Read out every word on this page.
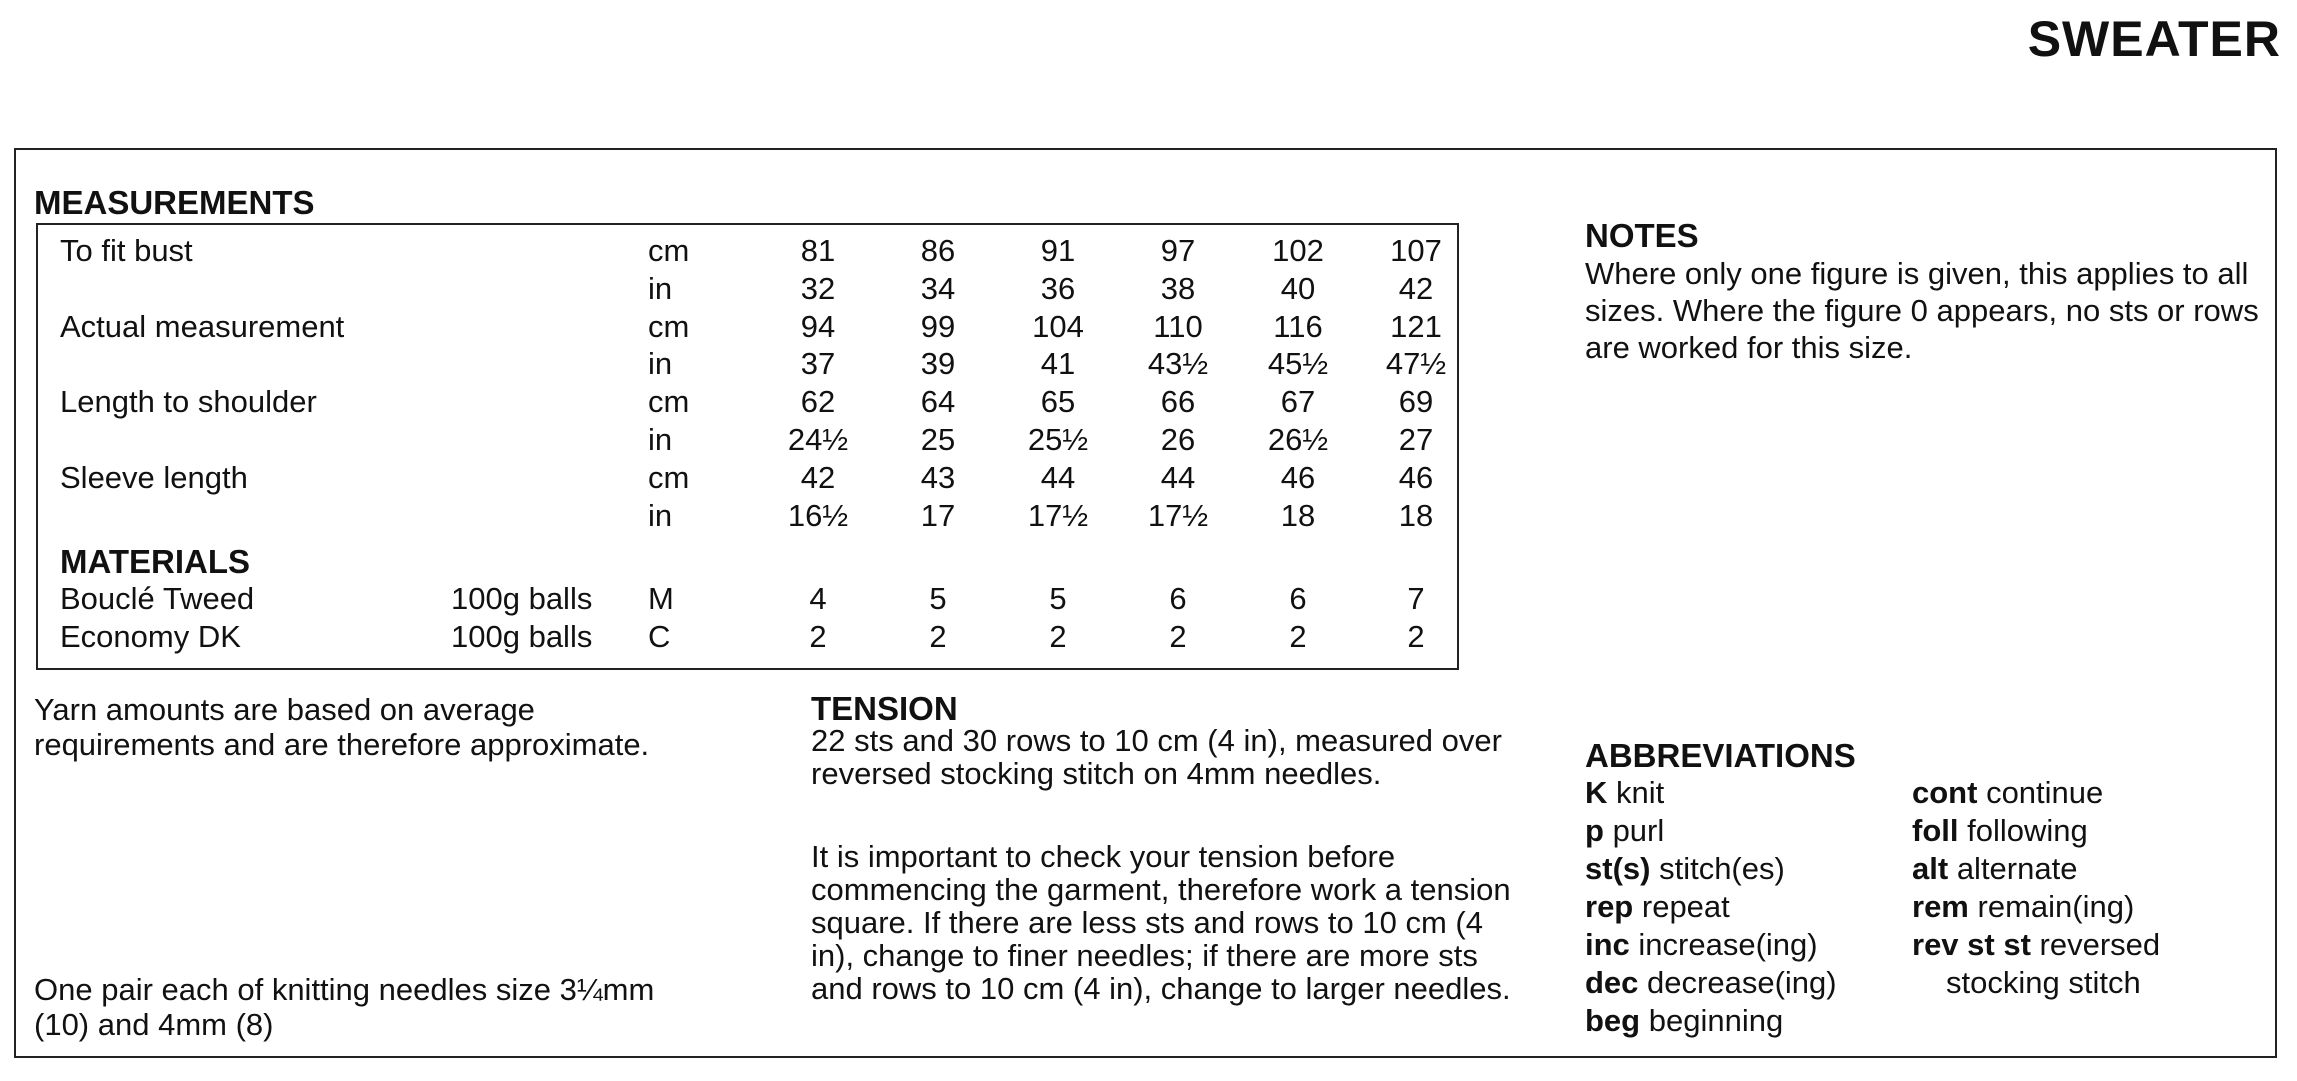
SWEATER
MEASUREMENTS
MATERIALS
To fit bust	cm	81	86	91	97	102	107
in	32	34	36	38	40	42
Actual measurement	cm	94	99	104	110	116	121
in	37	39	41	43½	45½	47½
Length to shoulder	cm	62	64	65	66	67	69
in	24½	25	25½	26	26½	27
Sleeve length	cm	42	43	44	44	46	46
in	16½	17	17½	17½	18	18
Bouclé Tweed	100g balls M	4	5	5	6	6	7
Economy DK	100g balls C	2	2	2	2	2	2
Yarn amounts are based on average requirements and are therefore approximate.
One pair each of knitting needles size 3¼mm (10) and 4mm (8)
TENSION
22 sts and 30 rows to 10 cm (4 in), measured over reversed stocking stitch on 4mm needles.
It is important to check your tension before commencing the garment, therefore work a tension square. If there are less sts and rows to 10 cm (4 in), change to finer needles; if there are more sts and rows to 10 cm (4 in), change to larger needles.
NOTES
Where only one figure is given, this applies to all sizes. Where the figure 0 appears, no sts or rows are worked for this size.
ABBREVIATIONS
K knit
p purl
st(s) stitch(es)
rep repeat
inc increase(ing)
dec decrease(ing)
beg beginning
cont continue
foll following
alt alternate
rem remain(ing)
rev st st reversed
stocking stitch
